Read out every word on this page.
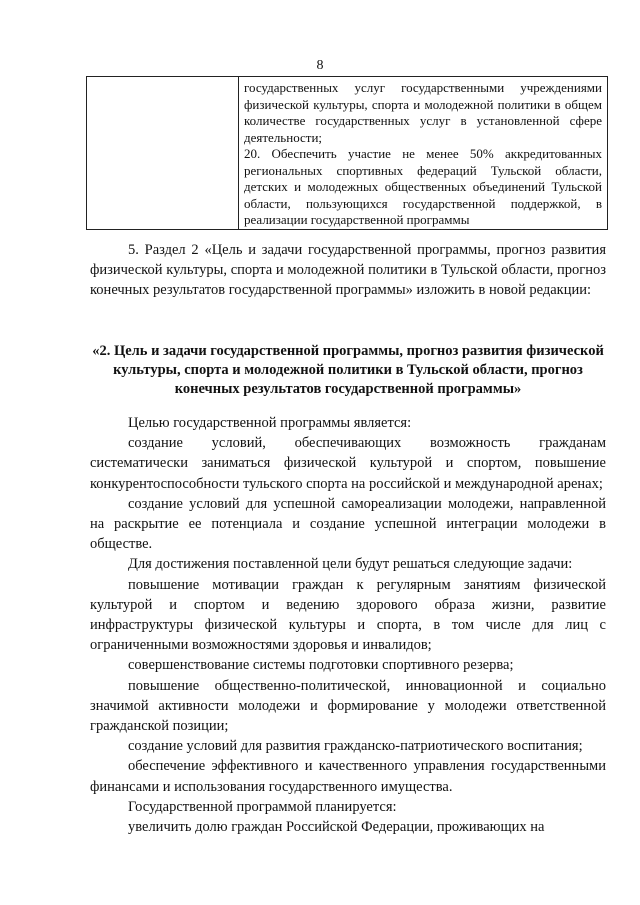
8

государственных услуг государственными учреждениями физической культуры, спорта и молодежной политики в общем количестве государственных услуг в установленной сфере деятельности;

20. Обеспечить участие не менее 50% аккредитованных региональных спортивных федераций Тульской области, детских и молодежных общественных объединений Тульской области, пользующихся государственной поддержкой, в реализации государственной программы

5. Раздел 2 «Цель и задачи государственной программы, прогноз развития физической культуры, спорта и молодежной политики в Тульской области, прогноз конечных результатов государственной программы» изложить в новой редакции:

«2. Цель и задачи государственной программы, прогноз развития физической культуры, спорта и молодежной политики в Тульской области, прогноз конечных результатов государственной программы»

Целью государственной программы является:

создание условий, обеспечивающих возможность гражданам систематически заниматься физической культурой и спортом, повышение конкурентоспособности тульского спорта на российской и международной аренах;

создание условий для успешной самореализации молодежи, направленной на раскрытие ее потенциала и создание успешной интеграции молодежи в обществе.

Для достижения поставленной цели будут решаться следующие задачи:

повышение мотивации граждан к регулярным занятиям физической культурой и спортом и ведению здорового образа жизни, развитие инфраструктуры физической культуры и спорта, в том числе для лиц с ограниченными возможностями здоровья и инвалидов;

совершенствование системы подготовки спортивного резерва;

повышение общественно-политической, инновационной и социально значимой активности молодежи и формирование у молодежи ответственной гражданской позиции;

создание условий для развития гражданско-патриотического воспитания;

обеспечение эффективного и качественного управления государственными финансами и использования государственного имущества.

Государственной программой планируется:

увеличить долю граждан Российской Федерации, проживающих на
